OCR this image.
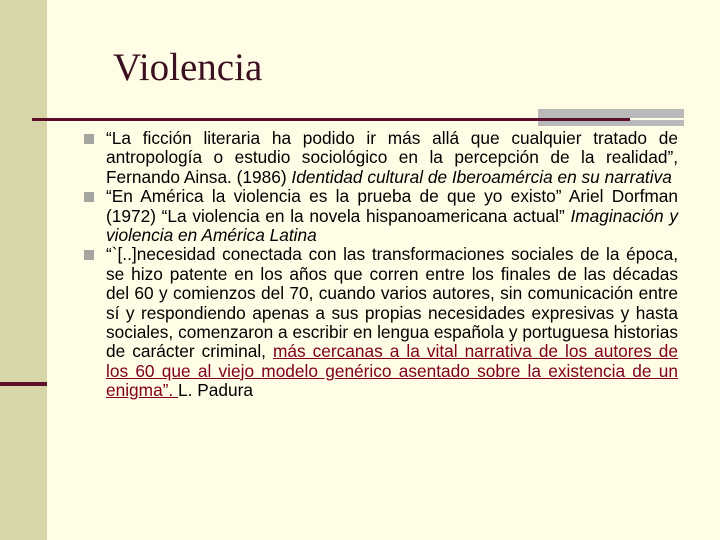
Violencia

“La ficción literaria ha podido ir más allá que cualquier tratado de antropología o estudio sociológico en la percepción de la realidad”, Fernando Ainsa. (1986) Identidad cultural de Iberoamércia en su narrativa

“En América la violencia es la prueba de que yo existo” Ariel Dorfman (1972) “La violencia en la novela hispanoamericana actual” Imaginación y violencia en América Latina

“`[..]necesidad conectada con las transformaciones sociales de la época, se hizo patente en los años que corren entre los finales de las décadas del 60 y comienzos del 70, cuando varios autores, sin comunicación entre sí y respondiendo apenas a sus propias necesidades expresivas y hasta sociales, comenzaron a escribir en lengua española y portuguesa historias de carácter criminal, más cercanas a la vital narrativa de los autores de los 60 que al viejo modelo genérico asentado sobre la existencia de un enigma”. L. Padura
